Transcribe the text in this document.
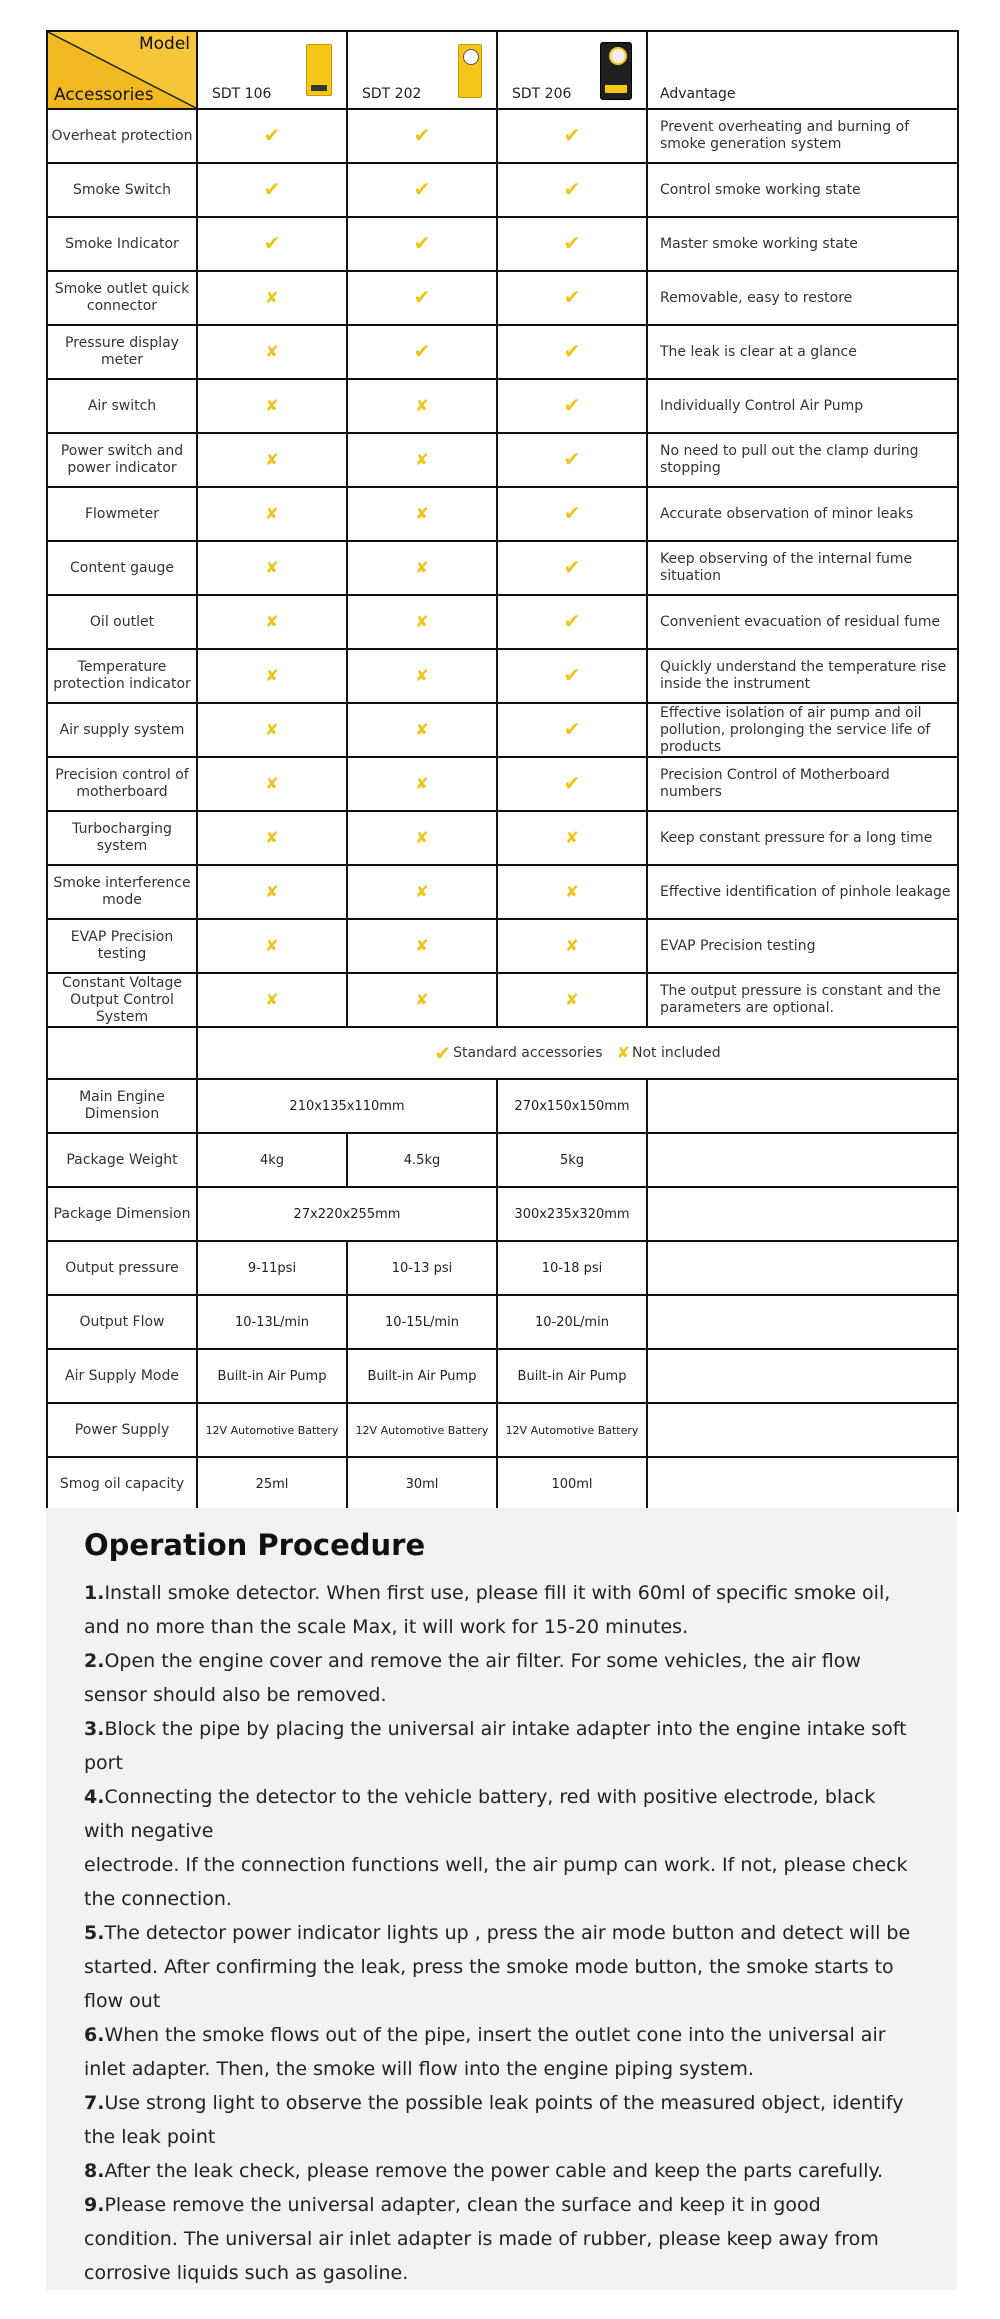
Model
Accessories	SDT 106	SDT 202	SDT 206	Advantage

Overheat protection	✔	✔	✔	Prevent overheating and burning of smoke generation system
Smoke Switch	✔	✔	✔	Control smoke working state
Smoke Indicator	✔	✔	✔	Master smoke working state
Smoke outlet quick connector	✘	✔	✔	Removable, easy to restore
Pressure display meter	✘	✔	✔	The leak is clear at a glance
Air switch	✘	✘	✔	Individually Control Air Pump
Power switch and power indicator	✘	✘	✔	No need to pull out the clamp during stopping
Flowmeter	✘	✘	✔	Accurate observation of minor leaks
Content gauge	✘	✘	✔	Keep observing of the internal fume situation
Oil outlet	✘	✘	✔	Convenient evacuation of residual fume
Temperature protection indicator	✘	✘	✔	Quickly understand the temperature rise inside the instrument
Air supply system	✘	✘	✔	Effective isolation of air pump and oil pollution, prolonging the service life of products
Precision control of motherboard	✘	✘	✔	Precision Control of Motherboard numbers
Turbocharging system	✘	✘	✘	Keep constant pressure for a long time
Smoke interference mode	✘	✘	✘	Effective identification of pinhole leakage
EVAP Precision testing	✘	✘	✘	EVAP Precision testing
Constant Voltage Output Control System	✘	✘	✘	The output pressure is constant and the parameters are optional.

	✔ Standard accessories ✘ Not included			

Main Engine Dimension	210x135x110mm		270x150x150mm	
Package Weight	4kg	4.5kg	5kg	
Package Dimension	27x220x255mm		300x235x320mm	
Output pressure	9-11psi	10-13 psi	10-18 psi	
Output Flow	10-13L/min	10-15L/min	10-20L/min	
Air Supply Mode	Built-in Air Pump	Built-in Air Pump	Built-in Air Pump	
Power Supply	12V Automotive Battery	12V Automotive Battery	12V Automotive Battery	
Smog oil capacity	25ml	30ml	100ml	
Operation Procedure
1.Install smoke detector. When first use, please fill it with 60ml of specific smoke oil, and no more than the scale Max, it will work for 15-20 minutes.
2.Open the engine cover and remove the air filter. For some vehicles, the air flow sensor should also be removed.
3.Block the pipe by placing the universal air intake adapter into the engine intake soft port
4.Connecting the detector to the vehicle battery, red with positive electrode, black with negative
electrode. If the connection functions well, the air pump can work. If not, please check the connection.
5.The detector power indicator lights up , press the air mode button and detect will be started. After confirming the leak, press the smoke mode button, the smoke starts to flow out
6.When the smoke flows out of the pipe, insert the outlet cone into the universal air inlet adapter. Then, the smoke will flow into the engine piping system.
7.Use strong light to observe the possible leak points of the measured object, identify the leak point
8.After the leak check, please remove the power cable and keep the parts carefully.
9.Please remove the universal adapter, clean the surface and keep it in good condition. The universal air inlet adapter is made of rubber, please keep away from corrosive liquids such as gasoline.
